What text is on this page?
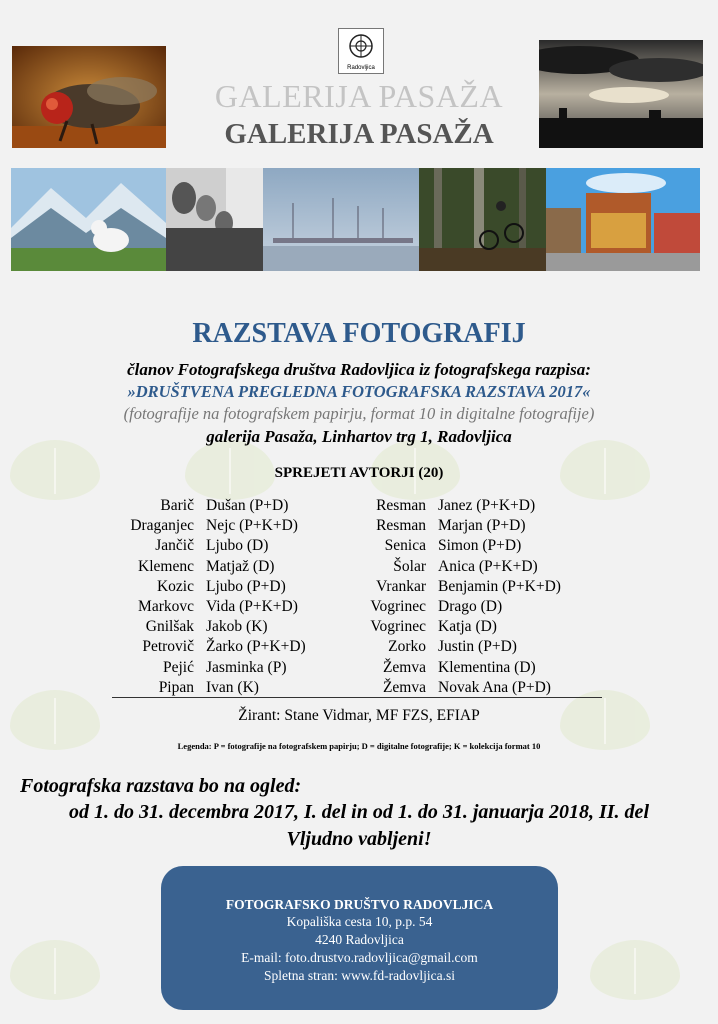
Radovljica
GALERIJA PASAŽA
GALERIJA PASAŽA
RAZSTAVA FOTOGRAFIJ
članov Fotografskega društva Radovljica iz fotografskega razpisa:
»DRUŠTVENA PREGLEDNA FOTOGRAFSKA RAZSTAVA 2017«
(fotografije na fotografskem papirju, format 10 in digitalne fotografije)
galerija Pasaža, Linhartov trg 1, Radovljica
SPREJETI AVTORJI (20)
Barič	Dušan (P+D)
Draganjec	Nejc (P+K+D)
Jančič	Ljubo (D)
Klemenc	Matjaž (D)
Kozic	Ljubo (P+D)
Markovc	Vida (P+K+D)
Gnilšak	Jakob (K)
Petrovič	Žarko (P+K+D)
Pejić	Jasminka (P)
Pipan	Ivan (K)
Resman	Janez (P+K+D)
Resman	Marjan (P+D)
Senica	Simon (P+D)
Šolar	Anica (P+K+D)
Vrankar	Benjamin (P+K+D)
Vogrinec	Drago (D)
Vogrinec	Katja (D)
Zorko	Justin (P+D)
Žemva	Klementina (D)
Žemva	Novak Ana (P+D)
Žirant: Stane Vidmar, MF FZS, EFIAP
Legenda: P = fotografije na fotografskem papirju; D = digitalne fotografije; K = kolekcija format 10
Fotografska razstava bo na ogled:
od 1. do 31. decembra 2017, I. del in od 1. do 31. januarja 2018, II. del
Vljudno vabljeni!
FOTOGRAFSKO DRUŠTVO RADOVLJICA
Kopališka cesta 10, p.p. 54
4240 Radovljica
E-mail: foto.drustvo.radovljica@gmail.com
Spletna stran: www.fd-radovljica.si
